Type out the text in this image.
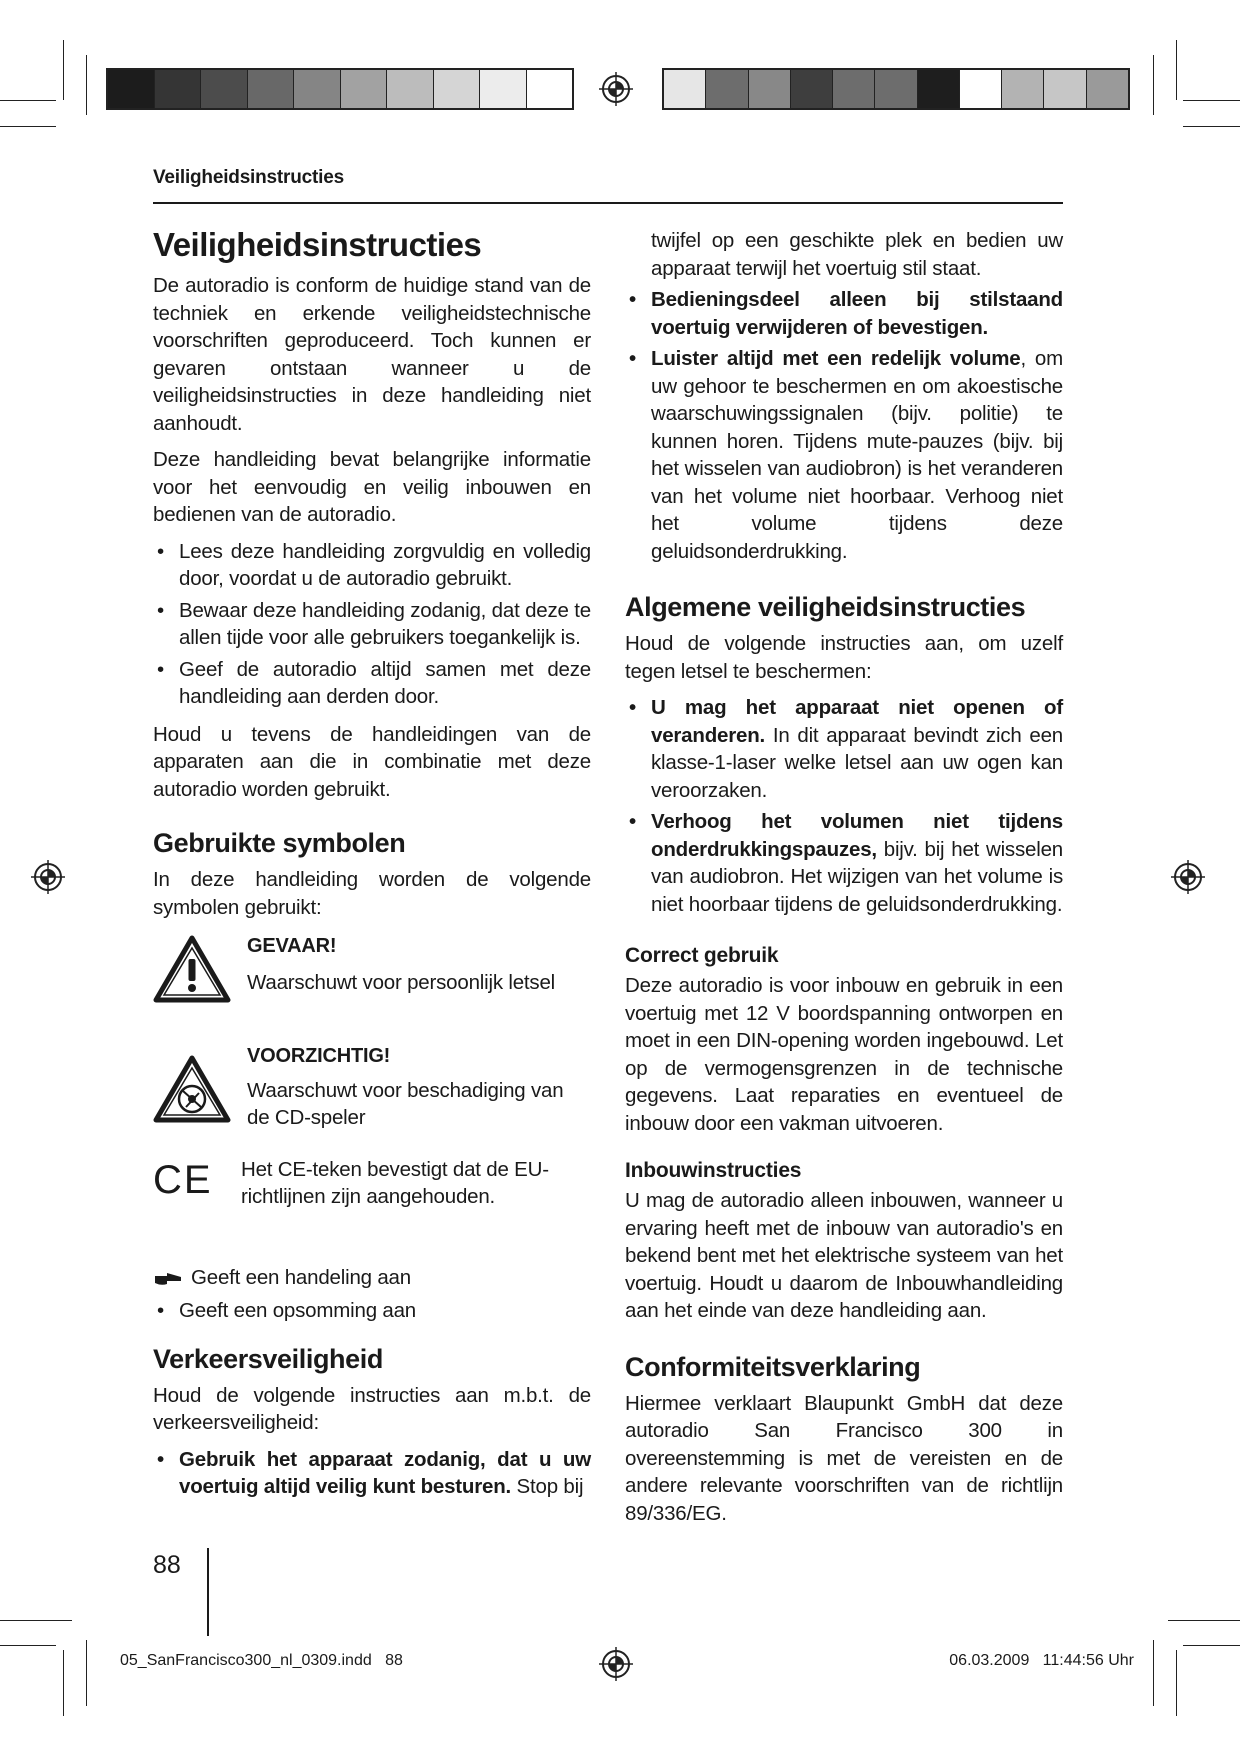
Veiligheidsinstructies
Veiligheidsinstructies

De autoradio is conform de huidige stand van de techniek en erkende veiligheidstechnische voorschriften geproduceerd. Toch kunnen er gevaren ontstaan wanneer u de veiligheidsinstructies in deze handleiding niet aanhoudt.

Deze handleiding bevat belangrijke informatie voor het eenvoudig en veilig inbouwen en bedienen van de autoradio.

• Lees deze handleiding zorgvuldig en volledig door, voordat u de autoradio gebruikt.
• Bewaar deze handleiding zodanig, dat deze te allen tijde voor alle gebruikers toegankelijk is.
• Geef de autoradio altijd samen met deze handleiding aan derden door.

Houd u tevens de handleidingen van de apparaten aan die in combinatie met deze autoradio worden gebruikt.

Gebruikte symbolen

In deze handleiding worden de volgende symbolen gebruikt:

GEVAAR!
Waarschuwt voor persoonlijk letsel
VOORZICHTIG!
Waarschuwt voor beschadiging van de CD-speler
CE Het CE-teken bevestigt dat de EU-richtlijnen zijn aangehouden.
Geeft een handeling aan
• Geeft een opsomming aan
Verkeersveiligheid

Houd de volgende instructies aan m.b.t. de verkeersveiligheid:

• Gebruik het apparaat zodanig, dat u uw voertuig altijd veilig kunt besturen. Stop bij

twijfel op een geschikte plek en bedien uw apparaat terwijl het voertuig stil staat.

• Bedieningsdeel alleen bij stilstaand voertuig verwijderen of bevestigen.
• Luister altijd met een redelijk volume, om uw gehoor te beschermen en om akoestische waarschuwingssignalen (bijv. politie) te kunnen horen. Tijdens mute-pauzes (bijv. bij het wisselen van audiobron) is het veranderen van het volume niet hoorbaar. Verhoog niet het volume tijdens deze geluidsonderdrukking.
Algemene veiligheidsinstructies

Houd de volgende instructies aan, om uzelf tegen letsel te beschermen:

• U mag het apparaat niet openen of veranderen. In dit apparaat bevindt zich een klasse-1-laser welke letsel aan uw ogen kan veroorzaken.
• Verhoog het volumen niet tijdens onderdrukkingspauzes, bijv. bij het wisselen van audiobron. Het wijzigen van het volume is niet hoorbaar tijdens de geluidsonderdrukking.
Correct gebruik

Deze autoradio is voor inbouw en gebruik in een voertuig met 12 V boordspanning ontworpen en moet in een DIN-opening worden ingebouwd. Let op de vermogensgrenzen in de technische gegevens. Laat reparaties en eventueel de inbouw door een vakman uitvoeren.

Inbouwinstructies

U mag de autoradio alleen inbouwen, wanneer u ervaring heeft met de inbouw van autoradio's en bekend bent met het elektrische systeem van het voertuig. Houdt u daarom de Inbouwhandleiding aan het einde van deze handleiding aan.

Conformiteitsverklaring

Hiermee verklaart Blaupunkt GmbH dat deze autoradio San Francisco 300 in overeenstemming is met de vereisten en de andere relevante voorschriften van de richtlijn 89/336/EG.

88
05_SanFrancisco300_nl_0309.indd   88	06.03.2009   11:44:56 Uhr
